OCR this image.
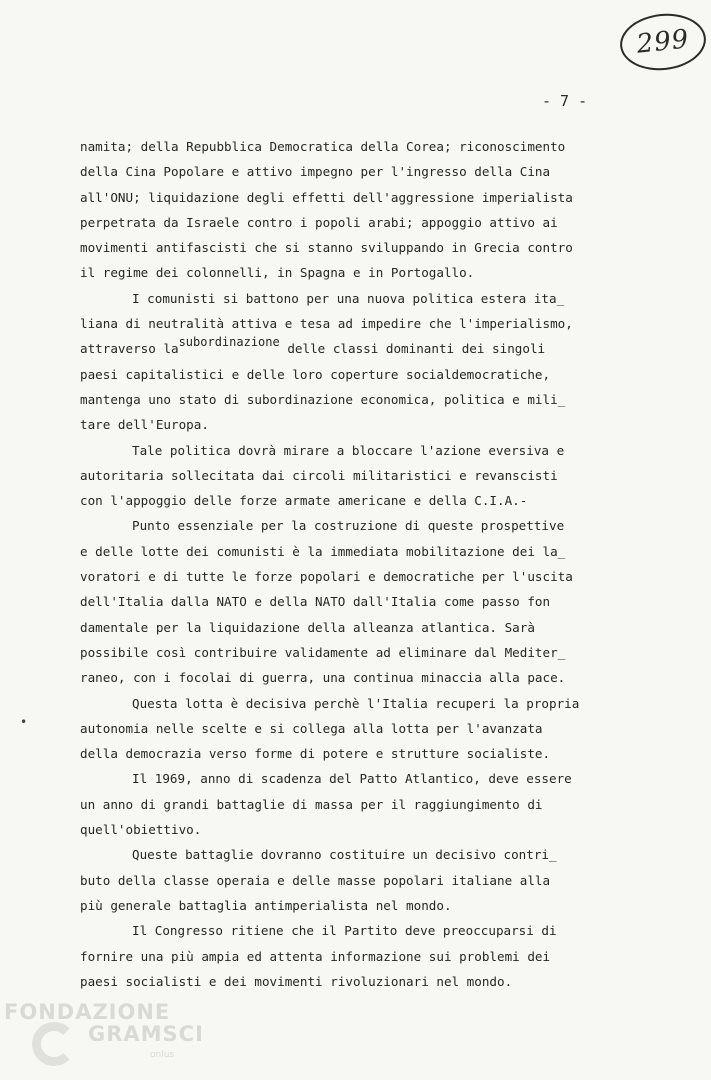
299
- 7 -
•
namita; della Repubblica Democratica della Corea; riconoscimento
della Cina Popolare e attivo impegno per l'ingresso della Cina
all'ONU; liquidazione degli effetti dell'aggressione imperialista
perpetrata da Israele contro i popoli arabi; appoggio attivo ai
movimenti antifascisti che si stanno sviluppando in Grecia contro
il regime dei colonnelli, in Spagna e in Portogallo.
I comunisti si battono per una nuova politica estera ita_
liana di neutralità attiva e tesa ad impedire che l'imperialismo,
attraverso lasubordinazione delle classi dominanti dei singoli
paesi capitalistici e delle loro coperture socialdemocratiche,
mantenga uno stato di subordinazione economica, politica e mili_
tare dell'Europa.
Tale politica dovrà mirare a bloccare l'azione eversiva e
autoritaria sollecitata dai circoli militaristici e revanscisti
con l'appoggio delle forze armate americane e della C.I.A.-
Punto essenziale per la costruzione di queste prospettive
e delle lotte dei comunisti è la immediata mobilitazione dei la_
voratori e di tutte le forze popolari e democratiche per l'uscita
dell'Italia dalla NATO e della NATO dall'Italia come passo fon
damentale per la liquidazione della alleanza atlantica. Sarà
possibile così contribuire validamente ad eliminare dal Mediter_
raneo, con i focolai di guerra, una continua minaccia alla pace.
Questa lotta è decisiva perchè l'Italia recuperi la propria
autonomia nelle scelte e si collega alla lotta per l'avanzata
della democrazia verso forme di potere e strutture socialiste.
Il 1969, anno di scadenza del Patto Atlantico, deve essere
un anno di grandi battaglie di massa per il raggiungimento di
quell'obiettivo.
Queste battaglie dovranno costituire un decisivo contri_
buto della classe operaia e delle masse popolari italiane alla
più generale battaglia antimperialista nel mondo.
Il Congresso ritiene che il Partito deve preoccuparsi di
fornire una più ampia ed attenta informazione sui problemi dei
paesi socialisti e dei movimenti rivoluzionari nel mondo.
FONDAZIONE
GRAMSCI
onlus
